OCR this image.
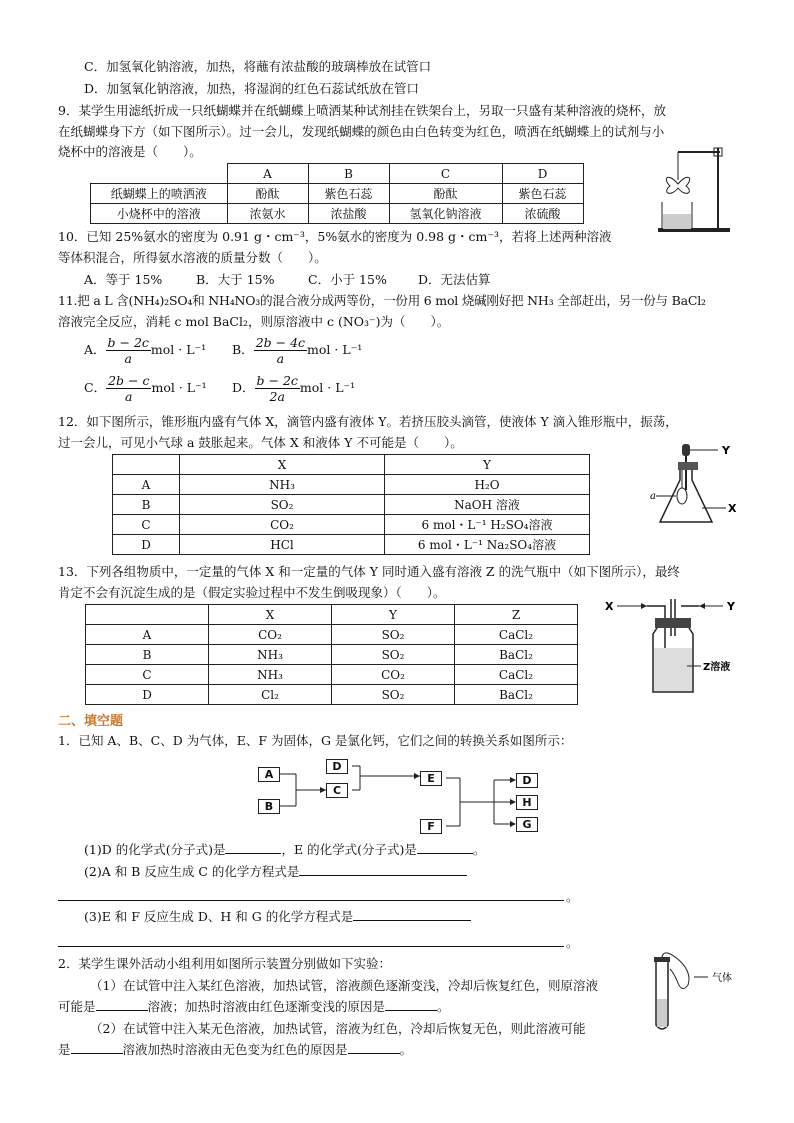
C．加氢氧化钠溶液，加热，将蘸有浓盐酸的玻璃棒放在试管口
D．加氢氧化钠溶液，加热，将湿润的红色石蕊试纸放在管口
9．某学生用滤纸折成一只纸蝴蝶并在纸蝴蝶上喷洒某种试剂挂在铁架台上，另取一只盛有某种溶液的烧杯，放
在纸蝴蝶身下方（如下图所示）。过一会儿，发现纸蝴蝶的颜色由白色转变为红色，喷洒在纸蝴蝶上的试剂与小
烧杯中的溶液是（　　）。
	A	B	C	D
纸蝴蝶上的喷洒液	酚酞	紫色石蕊	酚酞	紫色石蕊
小烧杯中的溶液	浓氨水	浓盐酸	氢氧化钠溶液	浓硫酸
10．已知 25%氨水的密度为 0.91 g・cm⁻³，5%氨水的密度为 0.98 g・cm⁻³，若将上述两种溶液
等体积混合，所得氨水溶液的质量分数（　　）。
A．等于 15%	B．大于 15%	C．小于 15% D．无法估算
11.把 a L 含(NH₄)₂SO₄和 NH₄NO₃的混合液分成两等份，一份用 6 mol 烧碱刚好把 NH₃ 全部赶出，另一份与 BaCl₂
溶液完全反应，消耗 c mol BaCl₂，则原溶液中 c (NO₃⁻)为（　　）。
A． $\frac{b - 2c}{a}$ mol · L⁻¹ B． $\frac{2b - 4c}{a}$ mol · L⁻¹
C． $\frac{2b - c}{a}$ mol · L⁻¹ D． $\frac{b - 2c}{2a}$ mol · L⁻¹
12．如下图所示，锥形瓶内盛有气体 X，滴管内盛有液体 Y。若挤压胶头滴管，使液体 Y 滴入锥形瓶中，振荡，
过一会儿，可见小气球 a 鼓胀起来。气体 X 和液体 Y 不可能是（　　）。
	X	Y
A	NH₃	H₂O
B	SO₂	NaOH 溶液
C	CO₂	6 mol・L⁻¹ H₂SO₄溶液
D	HCl	6 mol・L⁻¹ Na₂SO₄溶液
Y
a
X
13．下列各组物质中，一定量的气体 X 和一定量的气体 Y 同时通入盛有溶液 Z 的洗气瓶中（如下图所示），最终
肯定不会有沉淀生成的是（假定实验过程中不发生倒吸现象）（　　）。
	X	Y	Z
A	CO₂	SO₂	CaCl₂
B	NH₃	SO₂	BaCl₂
C	NH₃	CO₂	CaCl₂
D	Cl₂	SO₂	BaCl₂
X	Y
Z溶液
二、填空题
1．已知 A、B、C、D 为气体，E、F 为固体，G 是氯化钙，它们之间的转换关系如图所示：
A
B
D
C
E
F
D
H
G
(1)D 的化学式(分子式)是	，E 的化学式(分子式)是	。
(2)A 和 B 反应生成 C 的化学方程式是
。
(3)E 和 F 反应生成 D、H 和 G 的化学方程式是
。
2．某学生课外活动小组利用如图所示装置分别做如下实验：
（1）在试管中注入某红色溶液，加热试管，溶液颜色逐渐变浅，冷却后恢复红色，则原溶液
可能是	溶液；加热时溶液由红色逐渐变浅的原因是	。
（2）在试管中注入某无色溶液，加热试管，溶液为红色，冷却后恢复无色，则此溶液可能
是	溶液加热时溶液由无色变为红色的原因是	。
气体
